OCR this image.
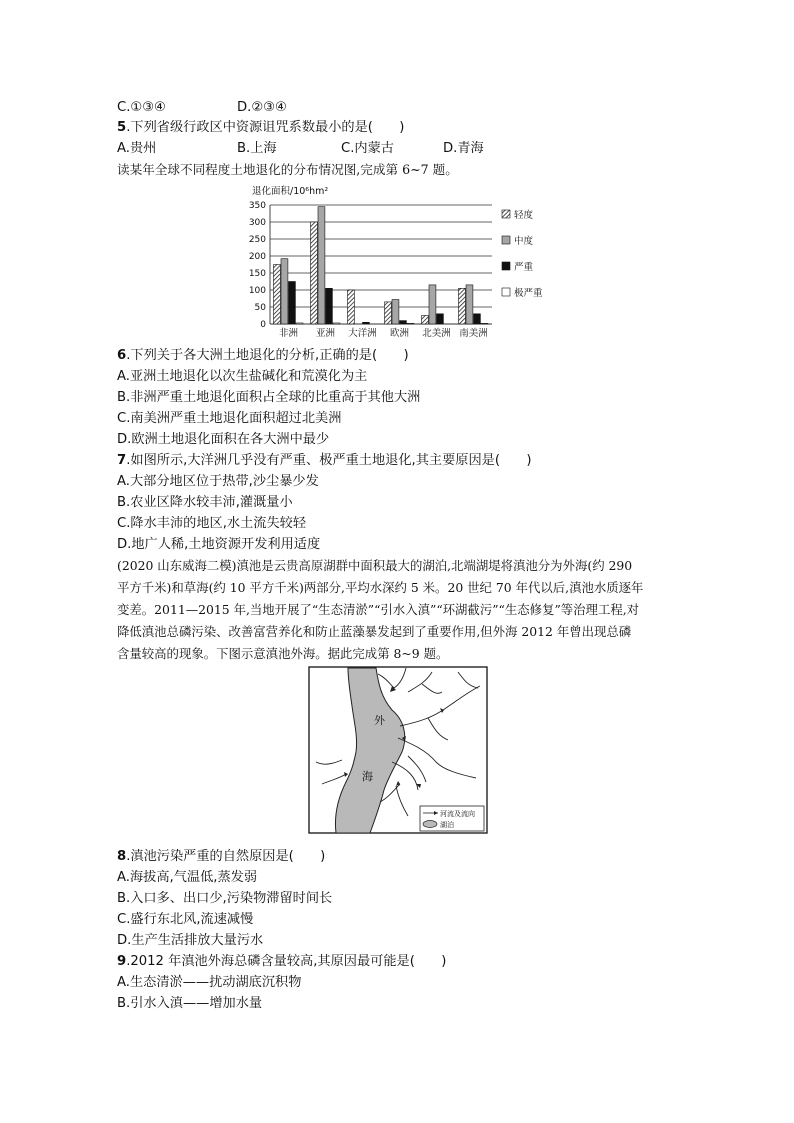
C.①③④	D.②③④
5.下列省级行政区中资源诅咒系数最小的是(　　)
A.贵州	B.上海	C.内蒙古	D.青海
读某年全球不同程度土地退化的分布情况图,完成第 6~7 题。
退化面积/10⁶hm²
0
50
100
150
200
250
300
350
非洲 亚洲 大洋洲 欧洲 北美洲 南美洲
轻度
中度
严重
极严重
6.下列关于各大洲土地退化的分析,正确的是(　　)
A.亚洲土地退化以次生盐碱化和荒漠化为主
B.非洲严重土地退化面积占全球的比重高于其他大洲
C.南美洲严重土地退化面积超过北美洲
D.欧洲土地退化面积在各大洲中最少
7.如图所示,大洋洲几乎没有严重、极严重土地退化,其主要原因是(　　)
A.大部分地区位于热带,沙尘暴少发
B.农业区降水较丰沛,灌溉量小
C.降水丰沛的地区,水土流失较轻
D.地广人稀,土地资源开发利用适度
(2020 山东威海二模)滇池是云贵高原湖群中面积最大的湖泊,北端湖堤将滇池分为外海(约 290
平方千米)和草海(约 10 平方千米)两部分,平均水深约 5 米。20 世纪 70 年代以后,滇池水质逐年
变差。2011—2015 年,当地开展了“生态清淤”“引水入滇”“环湖截污”“生态修复”等治理工程,对
降低滇池总磷污染、改善富营养化和防止蓝藻暴发起到了重要作用,但外海 2012 年曾出现总磷
含量较高的现象。下图示意滇池外海。据此完成第 8~9 题。
外
海
河流及流向
湖泊
8.滇池污染严重的自然原因是(　　)
A.海拔高,气温低,蒸发弱
B.入口多、出口少,污染物滞留时间长
C.盛行东北风,流速减慢
D.生产生活排放大量污水
9.2012 年滇池外海总磷含量较高,其原因最可能是(　　)
A.生态清淤——扰动湖底沉积物
B.引水入滇——增加水量
